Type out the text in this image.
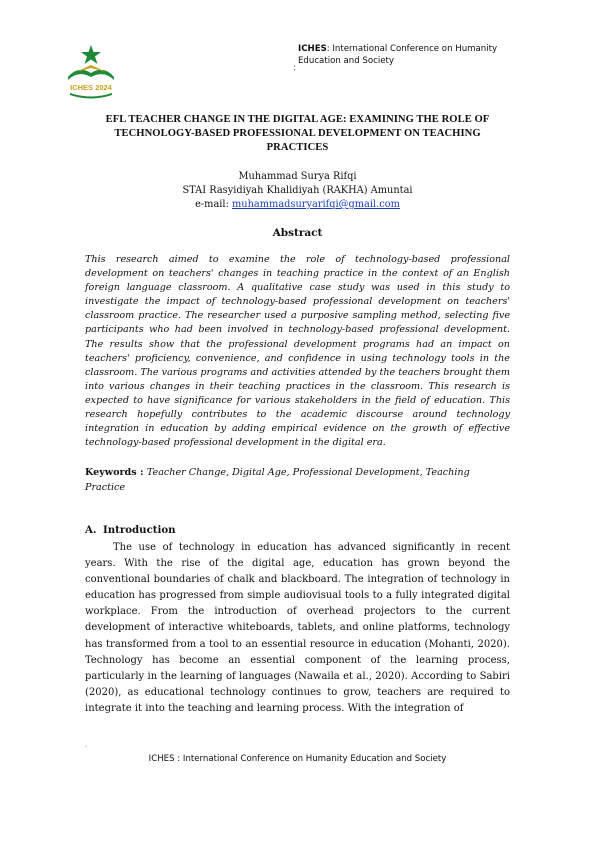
ICHES 2024
ICHES: International Conference on Humanity Education and Society
:
EFL TEACHER CHANGE IN THE DIGITAL AGE: EXAMINING THE ROLE OF TECHNOLOGY-BASED PROFESSIONAL DEVELOPMENT ON TEACHING PRACTICES
Muhammad Surya Rifqi
STAI Rasyidiyah Khalidiyah (RAKHA) Amuntai
e-mail: muhammadsuryarifqi@gmail.com
Abstract

This research aimed to examine the role of technology-based professional development on teachers' changes in teaching practice in the context of an English foreign language classroom. A qualitative case study was used in this study to investigate the impact of technology-based professional development on teachers' classroom practice. The researcher used a purposive sampling method, selecting five participants who had been involved in technology-based professional development. The results show that the professional development programs had an impact on teachers' proficiency, convenience, and confidence in using technology tools in the classroom. The various programs and activities attended by the teachers brought them into various changes in their teaching practices in the classroom. This research is expected to have significance for various stakeholders in the field of education. This research hopefully contributes to the academic discourse around technology integration in education by adding empirical evidence on the growth of effective technology-based professional development in the digital era.

Keywords : Teacher Change, Digital Age, Professional Development, Teaching Practice

A. Introduction

The use of technology in education has advanced significantly in recent years. With the rise of the digital age, education has grown beyond the conventional boundaries of chalk and blackboard. The integration of technology in education has progressed from simple audiovisual tools to a fully integrated digital workplace. From the introduction of overhead projectors to the current development of interactive whiteboards, tablets, and online platforms, technology has transformed from a tool to an essential resource in education (Mohanti, 2020). Technology has become an essential component of the learning process, particularly in the learning of languages (Nawaila et al., 2020). According to Sabiri (2020), as educational technology continues to grow, teachers are required to integrate it into the teaching and learning process. With the integration of

.
ICHES : International Conference on Humanity Education and Society
